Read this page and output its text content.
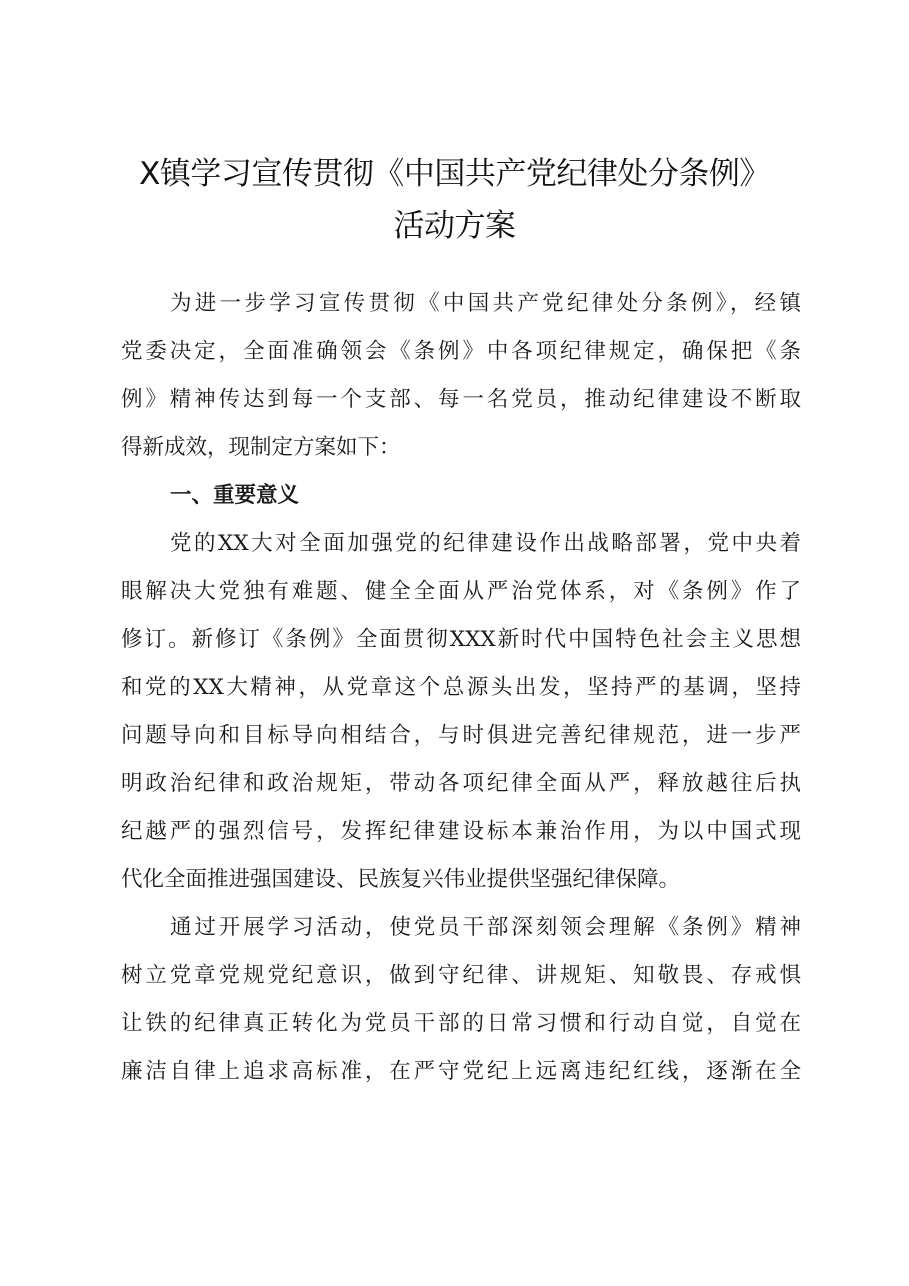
X镇学习宣传贯彻《中国共产党纪律处分条例》
活动方案
为进一步学习宣传贯彻《中国共产党纪律处分条例》，经镇
党委决定，全面准确领会《条例》中各项纪律规定，确保把《条
例》精神传达到每一个支部、每一名党员，推动纪律建设不断取
得新成效，现制定方案如下：
一、重要意义
党的XX大对全面加强党的纪律建设作出战略部署，党中央着
眼解决大党独有难题、健全全面从严治党体系，对《条例》作了
修订。新修订《条例》全面贯彻XXX新时代中国特色社会主义思想
和党的XX大精神，从党章这个总源头出发，坚持严的基调，坚持
问题导向和目标导向相结合，与时俱进完善纪律规范，进一步严
明政治纪律和政治规矩，带动各项纪律全面从严，释放越往后执
纪越严的强烈信号，发挥纪律建设标本兼治作用，为以中国式现
代化全面推进强国建设、民族复兴伟业提供坚强纪律保障。
通过开展学习活动，使党员干部深刻领会理解《条例》精神
树立党章党规党纪意识，做到守纪律、讲规矩、知敬畏、存戒惧
让铁的纪律真正转化为党员干部的日常习惯和行动自觉，自觉在
廉洁自律上追求高标准，在严守党纪上远离违纪红线，逐渐在全
